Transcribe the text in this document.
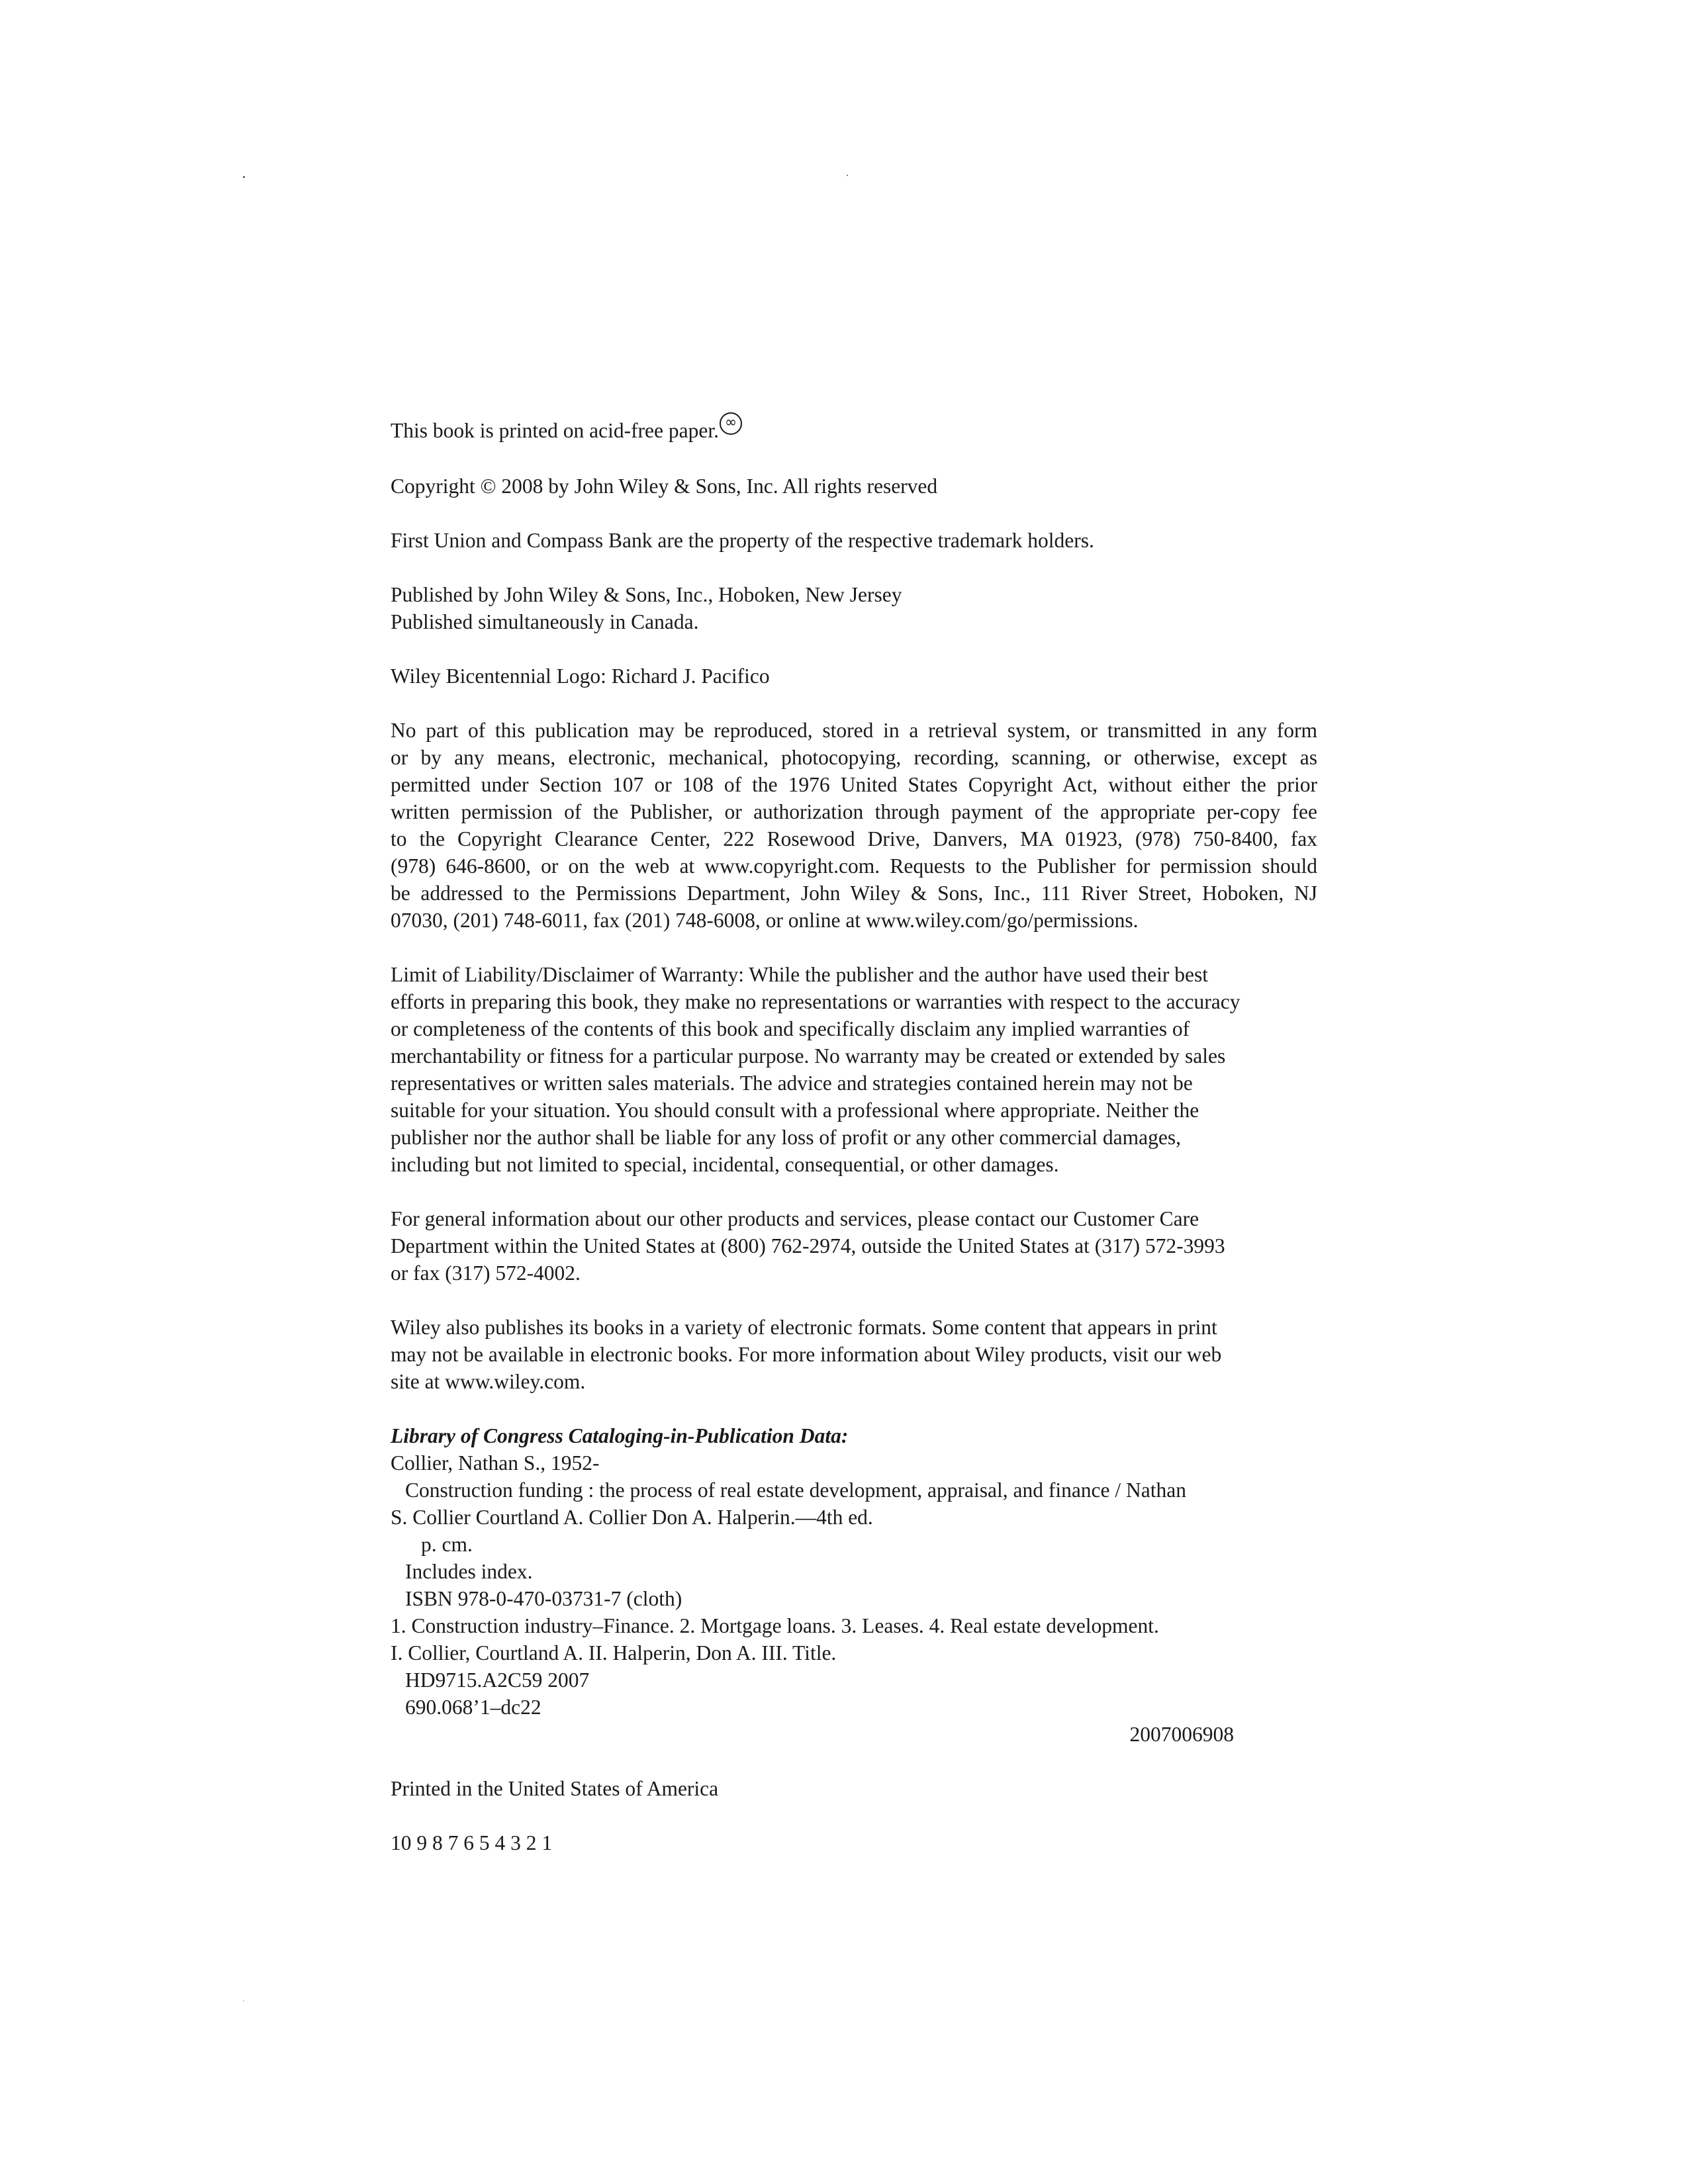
This book is printed on acid-free paper. ∞

Copyright © 2008 by John Wiley & Sons, Inc. All rights reserved

First Union and Compass Bank are the property of the respective trademark holders.

Published by John Wiley & Sons, Inc., Hoboken, New Jersey

Published simultaneously in Canada.

Wiley Bicentennial Logo: Richard J. Pacifico

No part of this publication may be reproduced, stored in a retrieval system, or transmitted in any form

or by any means, electronic, mechanical, photocopying, recording, scanning, or otherwise, except as

permitted under Section 107 or 108 of the 1976 United States Copyright Act, without either the prior

written permission of the Publisher, or authorization through payment of the appropriate per-copy fee

to the Copyright Clearance Center, 222 Rosewood Drive, Danvers, MA 01923, (978) 750-8400, fax

(978) 646-8600, or on the web at www.copyright.com. Requests to the Publisher for permission should

be addressed to the Permissions Department, John Wiley & Sons, Inc., 111 River Street, Hoboken, NJ

07030, (201) 748-6011, fax (201) 748-6008, or online at www.wiley.com/go/permissions.

Limit of Liability/Disclaimer of Warranty: While the publisher and the author have used their best

efforts in preparing this book, they make no representations or warranties with respect to the accuracy

or completeness of the contents of this book and specifically disclaim any implied warranties of

merchantability or fitness for a particular purpose. No warranty may be created or extended by sales

representatives or written sales materials. The advice and strategies contained herein may not be

suitable for your situation. You should consult with a professional where appropriate. Neither the

publisher nor the author shall be liable for any loss of profit or any other commercial damages,

including but not limited to special, incidental, consequential, or other damages.

For general information about our other products and services, please contact our Customer Care

Department within the United States at (800) 762-2974, outside the United States at (317) 572-3993

or fax (317) 572-4002.

Wiley also publishes its books in a variety of electronic formats. Some content that appears in print

may not be available in electronic books. For more information about Wiley products, visit our web

site at www.wiley.com.

Library of Congress Cataloging-in-Publication Data:

Collier, Nathan S., 1952-

Construction funding : the process of real estate development, appraisal, and finance / Nathan

S. Collier Courtland A. Collier Don A. Halperin.—4th ed.

p. cm.

Includes index.

ISBN 978-0-470-03731-7 (cloth)

1. Construction industry–Finance. 2. Mortgage loans. 3. Leases. 4. Real estate development.

I. Collier, Courtland A. II. Halperin, Don A. III. Title.

HD9715.A2C59 2007

690.068’1–dc22

2007006908

Printed in the United States of America

10 9 8 7 6 5 4 3 2 1
